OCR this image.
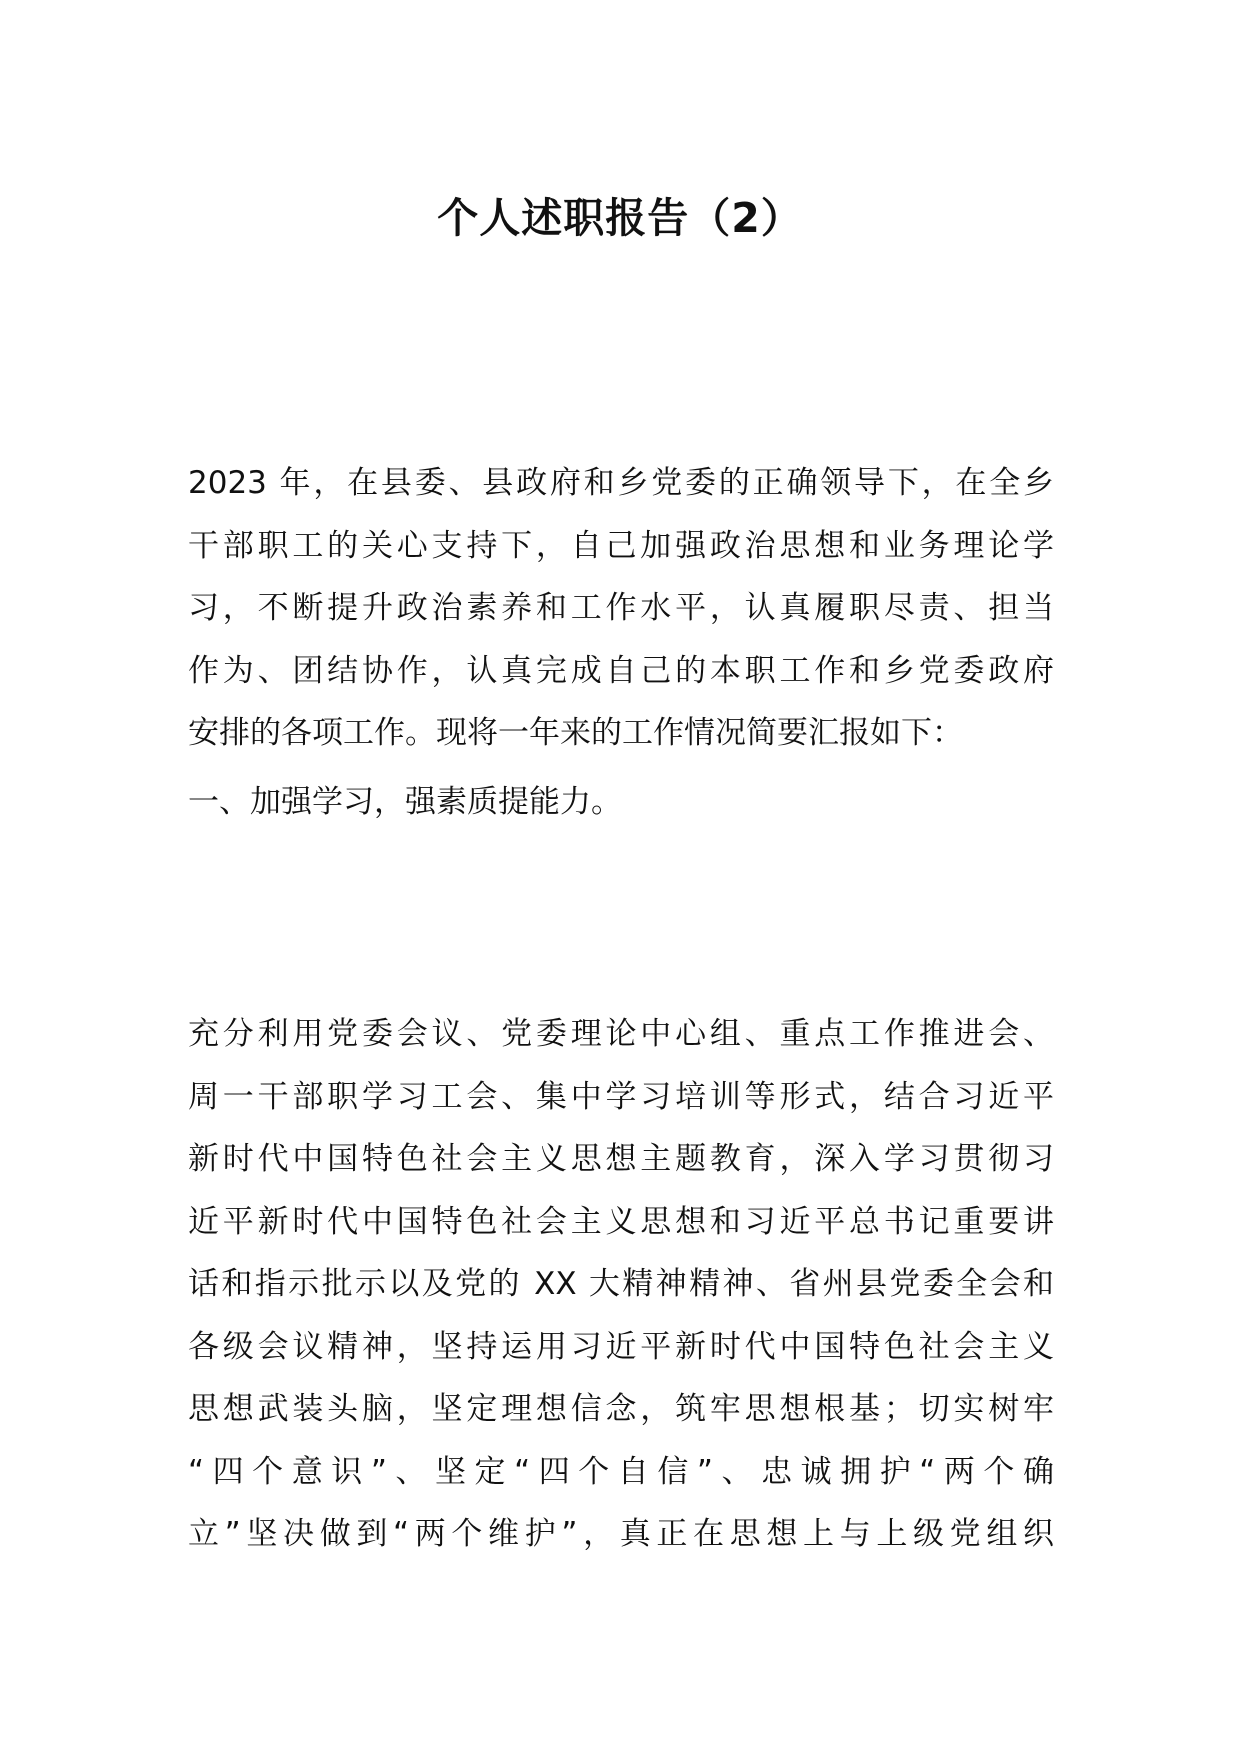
个人述职报告（2）
2023 年，在县委、县政府和乡党委的正确领导下，在全乡
干部职工的关心支持下，自己加强政治思想和业务理论学
习，不断提升政治素养和工作水平，认真履职尽责、担当
作为、团结协作，认真完成自己的本职工作和乡党委政府
安排的各项工作。现将一年来的工作情况简要汇报如下：
一、加强学习，强素质提能力。
充分利用党委会议、党委理论中心组、重点工作推进会、
周一干部职学习工会、集中学习培训等形式，结合习近平
新时代中国特色社会主义思想主题教育，深入学习贯彻习
近平新时代中国特色社会主义思想和习近平总书记重要讲
话和指示批示以及党的 XX 大精神精神、省州县党委全会和
各级会议精神，坚持运用习近平新时代中国特色社会主义
思想武装头脑，坚定理想信念，筑牢思想根基；切实树牢
“四个意识”、坚定“四个自信”、忠诚拥护“两个确
立”坚决做到“两个维护”，真正在思想上与上级党组织
